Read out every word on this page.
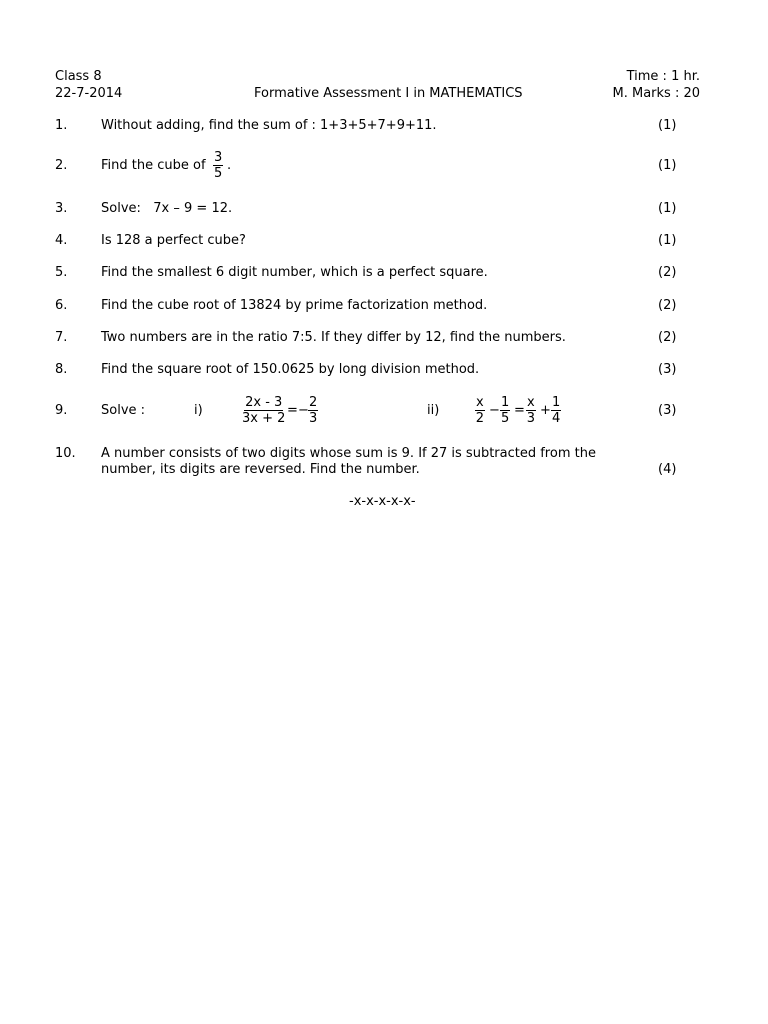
Class 8
22-7-2014	Formative Assessment I in MATHEMATICS
Time : 1 hr.
M. Marks : 20
1.	Without adding, find the sum of : 1+3+5+7+9+11.	(1)
2.	Find the cube of $\frac{3}{5}$ .	(1)
3.	Solve:   7x – 9 = 12.	(1)
4.	Is 128 a perfect cube?	(1)
5.	Find the smallest 6 digit number, which is a perfect square.	(2)
6.	Find the cube root of 13824 by prime factorization method.	(2)
7.	Two numbers are in the ratio 7:5. If they differ by 12, find the numbers.	(2)
8.	Find the square root of 150.0625 by long division method.	(3)
9.	Solve :	i)	$\frac{2x - 3}{3x + 2}$ = − $\frac{2}{3}$	ii)	$\frac{x}{2} - \frac{1}{5} = \frac{x}{3} + \frac{1}{4}$	(3)
10. A number consists of two digits whose sum is 9. If 27 is subtracted from the
number, its digits are reversed. Find the number.	(4)
-x-x-x-x-x-
